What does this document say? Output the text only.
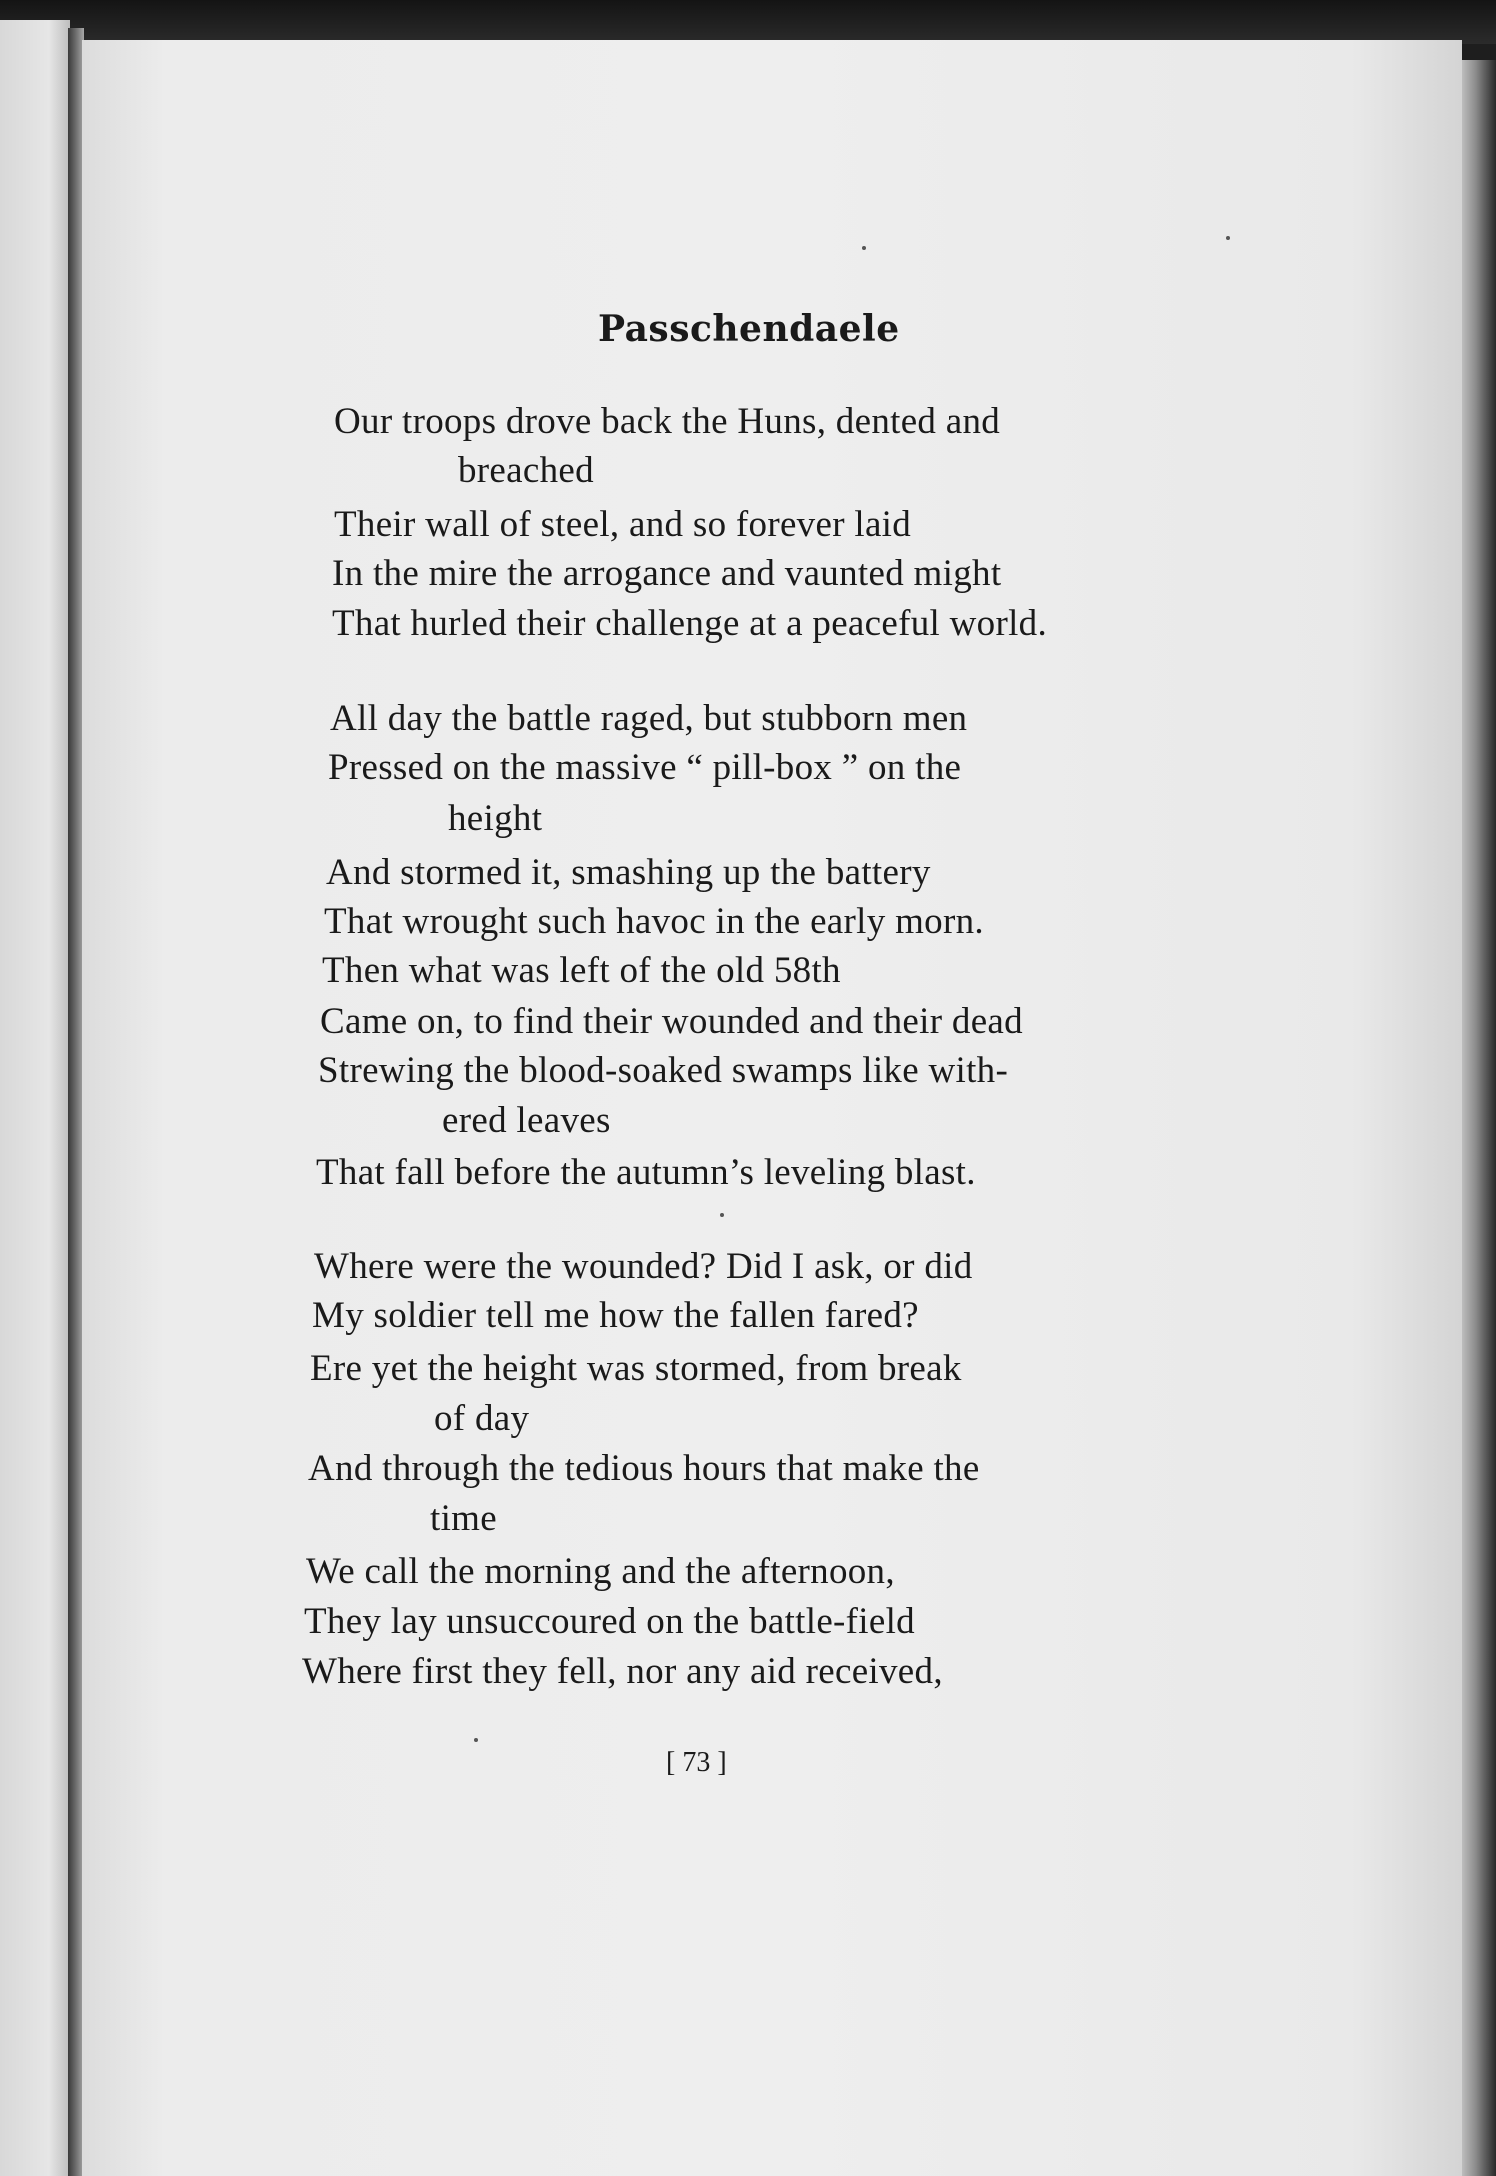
Passchendaele
Our troops drove back the Huns, dented and
breached
Their wall of steel, and so forever laid
In the mire the arrogance and vaunted might
That hurled their challenge at a peaceful world.
All day the battle raged, but stubborn men
Pressed on the massive “ pill-box ” on the
height
And stormed it, smashing up the battery
That wrought such havoc in the early morn.
Then what was left of the old 58th
Came on, to find their wounded and their dead
Strewing the blood-soaked swamps like with-
ered leaves
That fall before the autumn’s leveling blast.
Where were the wounded? Did I ask, or did
My soldier tell me how the fallen fared?
Ere yet the height was stormed, from break
of day
And through the tedious hours that make the
time
We call the morning and the afternoon,
They lay unsuccoured on the battle-field
Where first they fell, nor any aid received,
[ 73 ]
